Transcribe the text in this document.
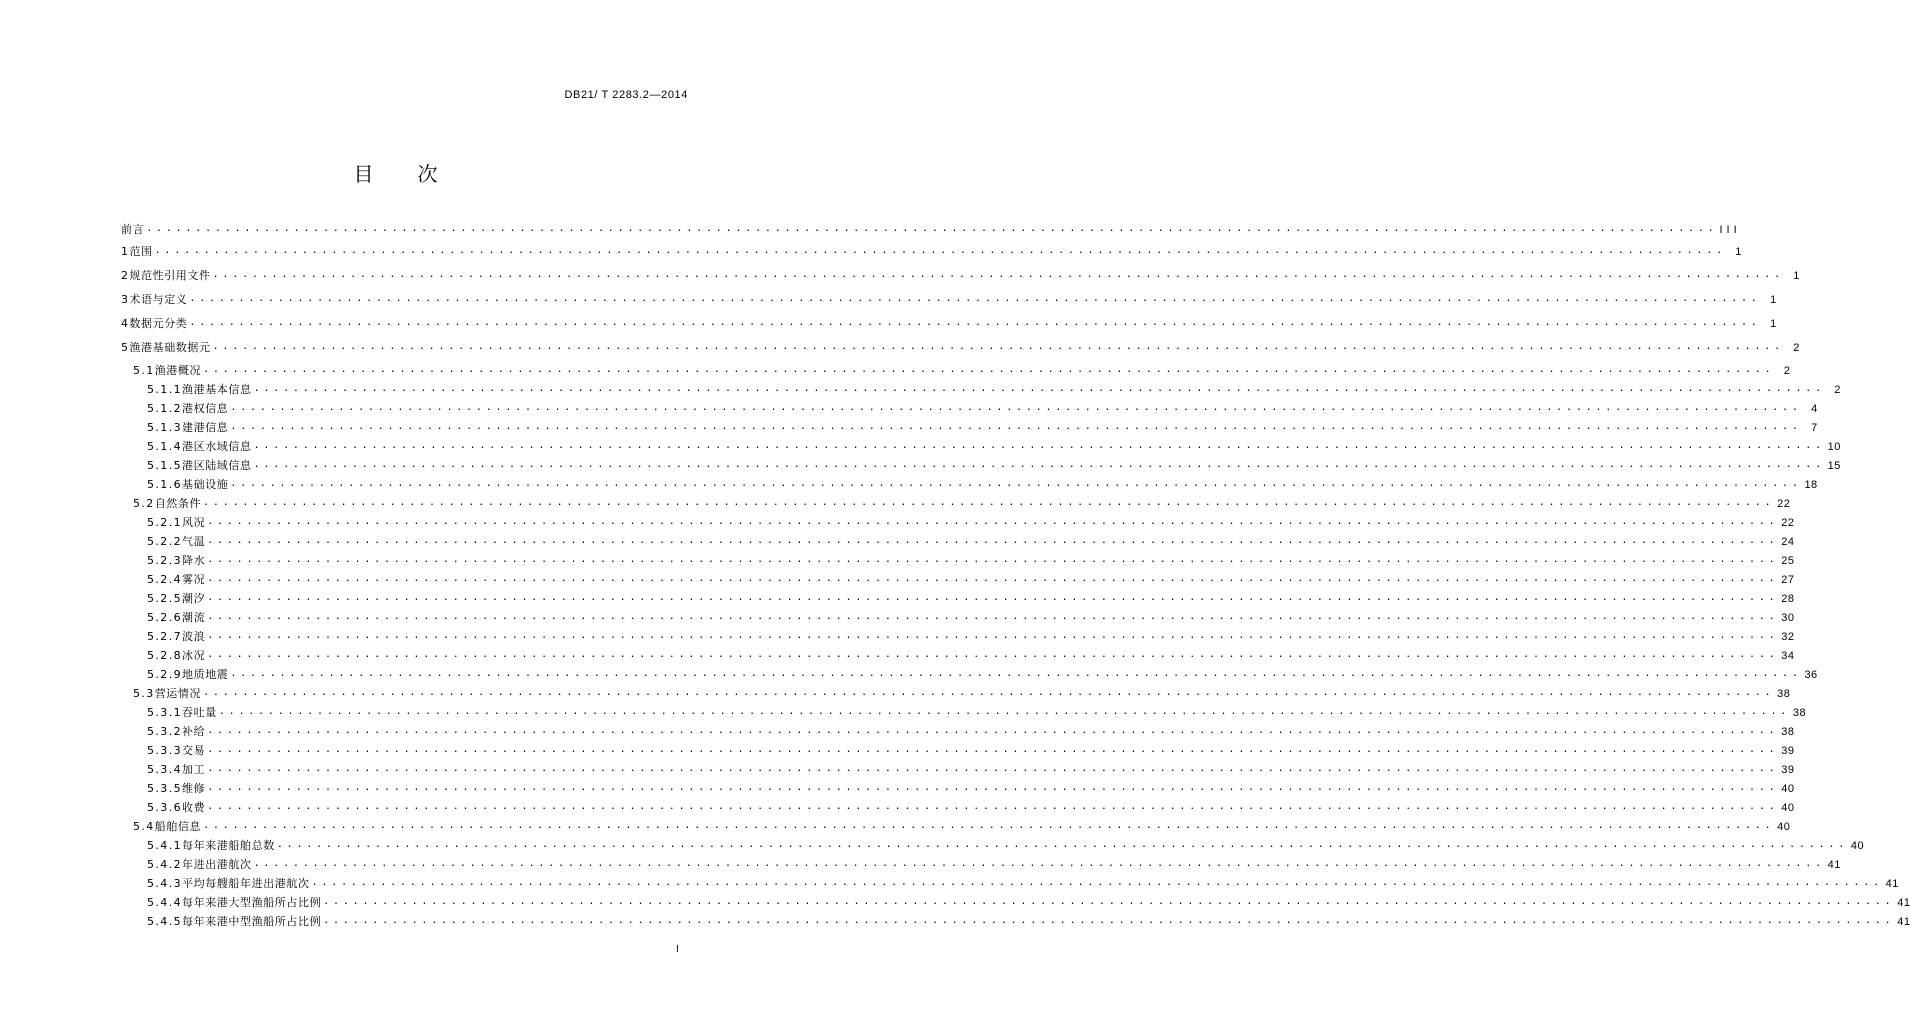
DB21/ T 2283.2—2014
目 次
前言 ................................................................................................................................................................ III
1 范围 ................................................................................................................................................................ 1
2 规范性引用文件 ................................................................................................................................................................ 1
3 术语与定义 ................................................................................................................................................................ 1
4 数据元分类 ................................................................................................................................................................ 1
5 渔港基础数据元 ................................................................................................................................................................ 2
5.1 渔港概况 ................................................................................................................................................................ 2
5.1.1 渔港基本信息 ................................................................................................................................................................ 2
5.1.2 港权信息 ................................................................................................................................................................ 4
5.1.3 建港信息 ................................................................................................................................................................ 7
5.1.4 港区水域信息 ................................................................................................................................................................ 10
5.1.5 港区陆域信息 ................................................................................................................................................................ 15
5.1.6 基础设施 ................................................................................................................................................................ 18
5.2 自然条件 ................................................................................................................................................................ 22
5.2.1 风况 ................................................................................................................................................................ 22
5.2.2 气温 ................................................................................................................................................................ 24
5.2.3 降水 ................................................................................................................................................................ 25
5.2.4 雾况 ................................................................................................................................................................ 27
5.2.5 潮汐 ................................................................................................................................................................ 28
5.2.6 潮流 ................................................................................................................................................................ 30
5.2.7 波浪 ................................................................................................................................................................ 32
5.2.8 冰况 ................................................................................................................................................................ 34
5.2.9 地质地震 ................................................................................................................................................................ 36
5.3 营运情况 ................................................................................................................................................................ 38
5.3.1 吞吐量 ................................................................................................................................................................ 38
5.3.2 补给 ................................................................................................................................................................ 38
5.3.3 交易 ................................................................................................................................................................ 39
5.3.4 加工 ................................................................................................................................................................ 39
5.3.5 维修 ................................................................................................................................................................ 40
5.3.6 收费 ................................................................................................................................................................ 40
5.4 船舶信息 ................................................................................................................................................................ 40
5.4.1 每年来港船舶总数 ................................................................................................................................................................ 40
5.4.2 年进出港航次 ................................................................................................................................................................ 41
5.4.3 平均每艘船年进出港航次 ................................................................................................................................................................ 41
5.4.4 每年来港大型渔船所占比例 ................................................................................................................................................................ 41
5.4.5 每年来港中型渔船所占比例 ................................................................................................................................................................ 41
I
